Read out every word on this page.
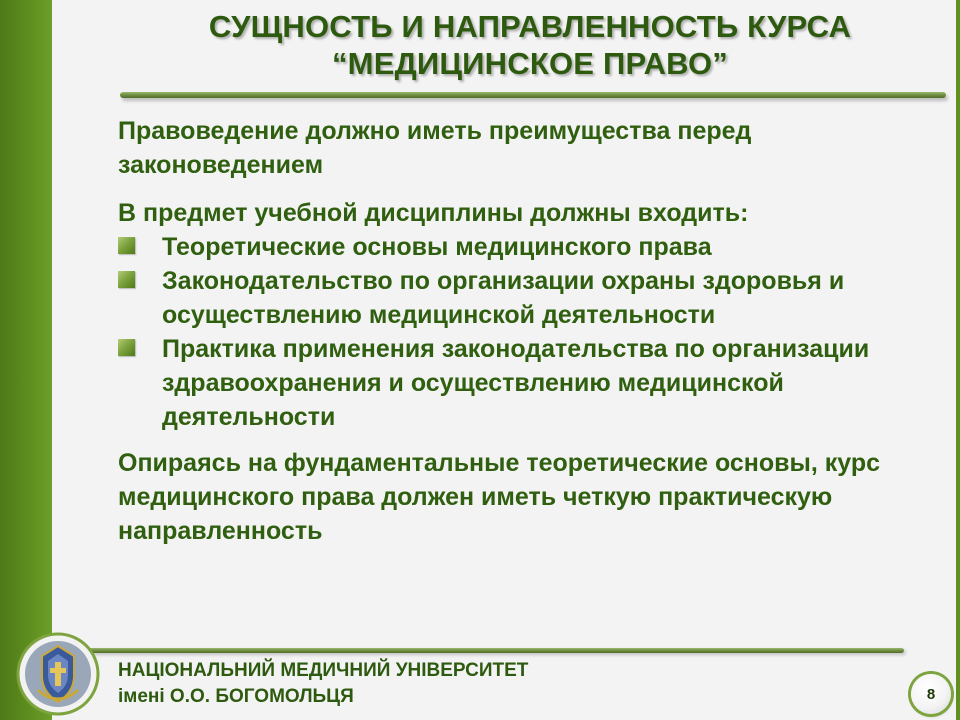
СУЩНОСТЬ И НАПРАВЛЕННОСТЬ КУРСА
“МЕДИЦИНСКОЕ ПРАВО”

Правоведение должно иметь преимущества перед законоведением

В предмет учебной дисциплины должны входить:

Теоретические основы медицинского права
Законодательство по организации охраны здоровья и осуществлению медицинской деятельности
Практика применения законодательства по организации здравоохранения и осуществлению медицинской деятельности

Опираясь на фундаментальные теоретические основы, курс медицинского права должен иметь четкую практическую направленность

НАЦІОНАЛЬНИЙ МЕДИЧНИЙ УНІВЕРСИТЕТ
імені О.О. БОГОМОЛЬЦЯ	8
